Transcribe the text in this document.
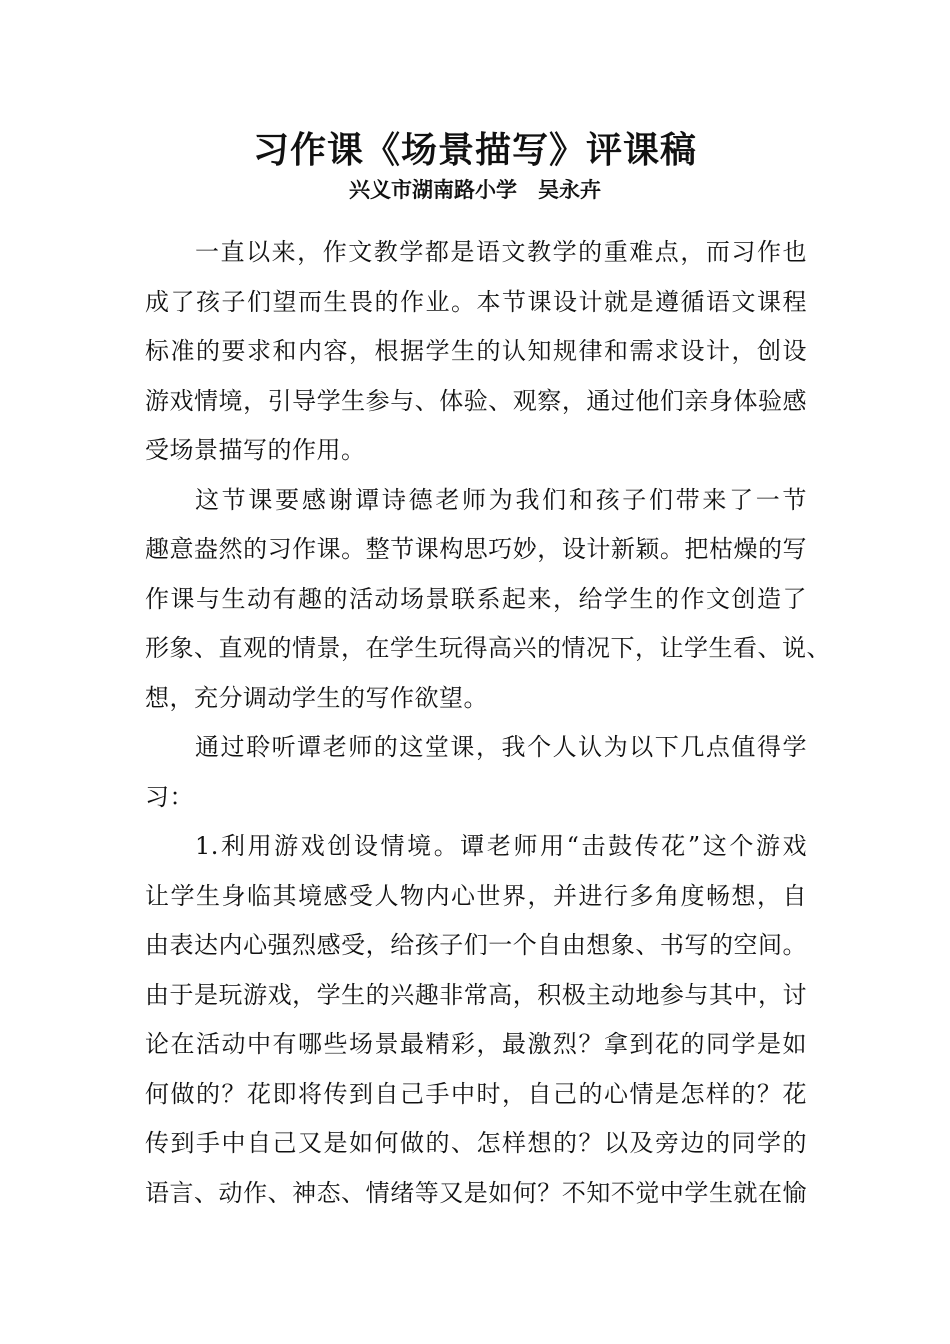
习作课《场景描写》评课稿
兴义市湖南路小学　吴永卉
一直以来，作文教学都是语文教学的重难点，而习作也
成了孩子们望而生畏的作业。本节课设计就是遵循语文课程
标准的要求和内容，根据学生的认知规律和需求设计，创设
游戏情境，引导学生参与、体验、观察，通过他们亲身体验感
受场景描写的作用。
这节课要感谢谭诗德老师为我们和孩子们带来了一节
趣意盎然的习作课。整节课构思巧妙，设计新颖。把枯燥的写
作课与生动有趣的活动场景联系起来，给学生的作文创造了
形象、直观的情景，在学生玩得高兴的情况下，让学生看、说、
想，充分调动学生的写作欲望。
通过聆听谭老师的这堂课，我个人认为以下几点值得学
习：
1.利用游戏创设情境。谭老师用“击鼓传花”这个游戏
让学生身临其境感受人物内心世界，并进行多角度畅想，自
由表达内心强烈感受，给孩子们一个自由想象、书写的空间。
由于是玩游戏，学生的兴趣非常高，积极主动地参与其中，讨
论在活动中有哪些场景最精彩，最激烈？拿到花的同学是如
何做的？花即将传到自己手中时，自己的心情是怎样的？花
传到手中自己又是如何做的、怎样想的？以及旁边的同学的
语言、动作、神态、情绪等又是如何？不知不觉中学生就在愉
